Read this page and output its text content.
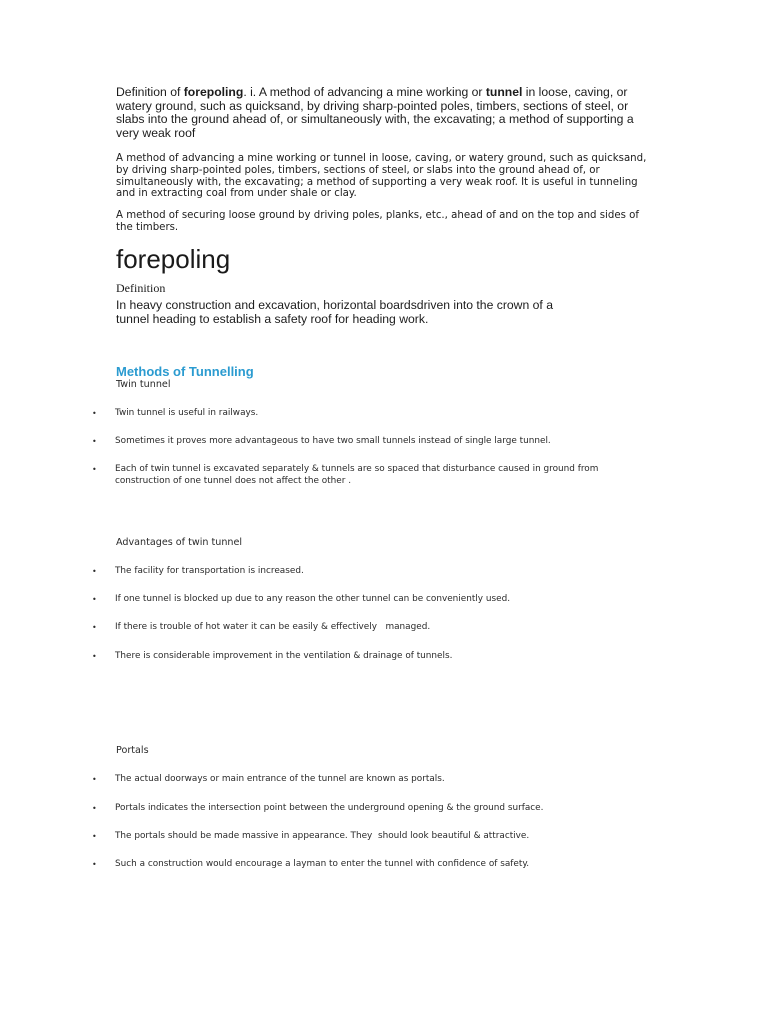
Definition of forepoling. i. A method of advancing a mine working or tunnel in loose, caving, or watery ground, such as quicksand, by driving sharp-pointed poles, timbers, sections of steel, or slabs into the ground ahead of, or simultaneously with, the excavating; a method of supporting a very weak roof
A method of advancing a mine working or tunnel in loose, caving, or watery ground, such as quicksand, by driving sharp-pointed poles, timbers, sections of steel, or slabs into the ground ahead of, or simultaneously with, the excavating; a method of supporting a very weak roof. It is useful in tunneling and in extracting coal from under shale or clay.
A method of securing loose ground by driving poles, planks, etc., ahead of and on the top and sides of the timbers.
forepoling
Definition
In heavy construction and excavation, horizontal boardsdriven into the crown of a tunnel heading to establish a safety roof for heading work.
Methods of Tunnelling
Twin tunnel
•	Twin tunnel is useful in railways.
•	Sometimes it proves more advantageous to have two small tunnels instead of single large tunnel.
•	Each of twin tunnel is excavated separately & tunnels are so spaced that disturbance caused in ground from construction of one tunnel does not affect the other .
Advantages of twin tunnel
•	The facility for transportation is increased.
•	If one tunnel is blocked up due to any reason the other tunnel can be conveniently used.
•	If there is trouble of hot water it can be easily & effectively   managed.
•	There is considerable improvement in the ventilation & drainage of tunnels.
Portals
•	The actual doorways or main entrance of the tunnel are known as portals.
•	Portals indicates the intersection point between the underground opening & the ground surface.
•	The portals should be made massive in appearance. They  should look beautiful & attractive.
•	Such a construction would encourage a layman to enter the tunnel with confidence of safety.
